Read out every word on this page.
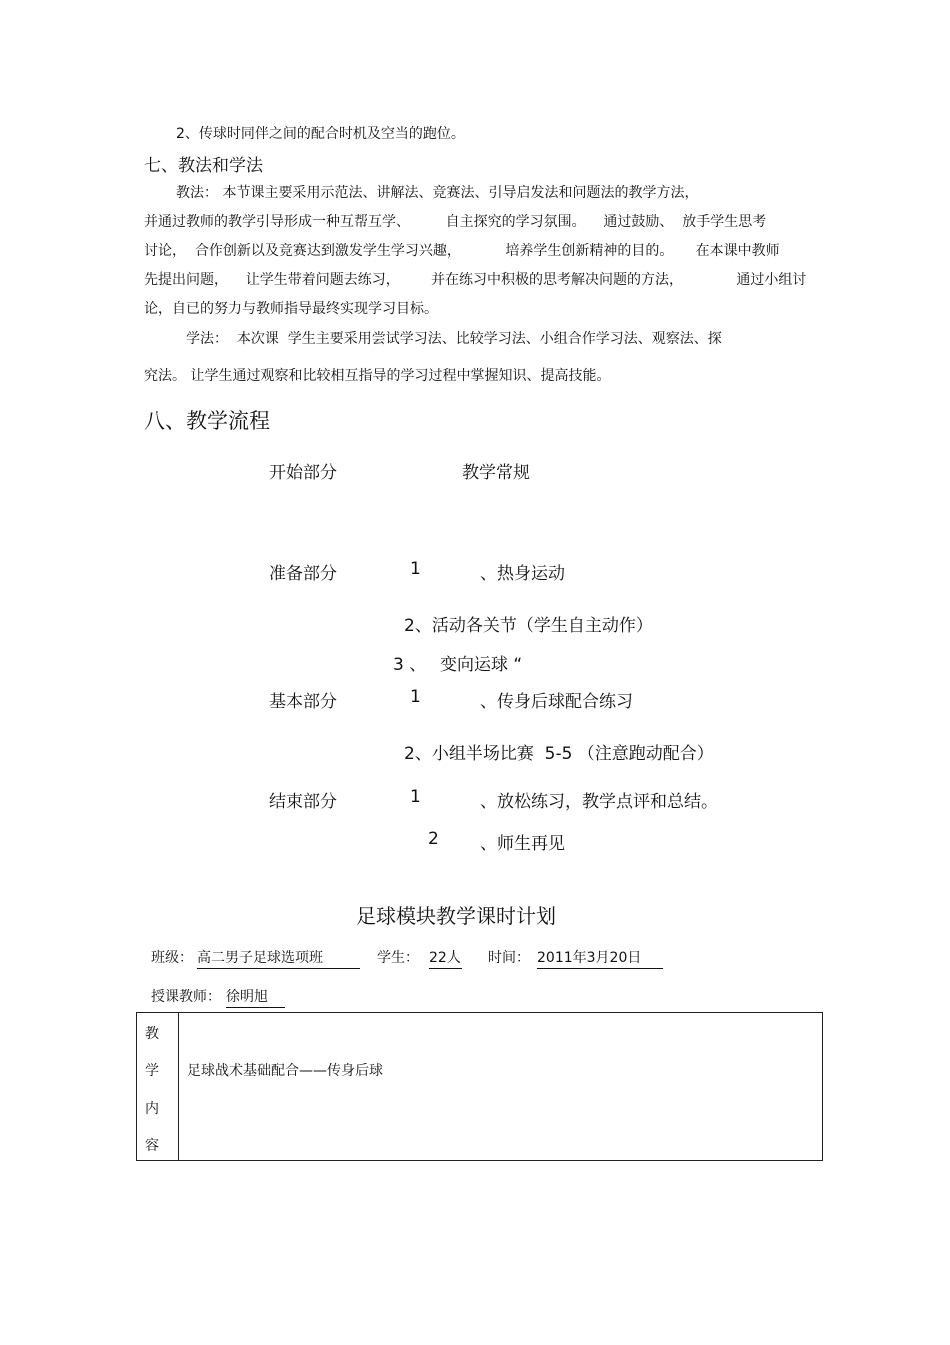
2、传球时同伴之间的配合时机及空当的跑位。
七、教法和学法
教法： 本节课主要采用示范法、讲解法、竞赛法、引导启发法和问题法的教学方法，
并通过教师的教学引导形成一种互帮互学、        自主探究的学习氛围。    通过鼓励、  放手学生思考
讨论，  合作创新以及竞赛达到激发学生学习兴趣，          培养学生创新精神的目的。     在本课中教师
先提出问题，    让学生带着问题去练习，       并在练习中积极的思考解决问题的方法，            通过小组讨
论，自已的努力与教师指导最终实现学习目标。
学法：  本次课  学生主要采用尝试学习法、比较学习法、小组合作学习法、观察法、探
究法。 让学生通过观察和比较相互指导的学习过程中掌握知识、提高技能。
八、教学流程
开始部分	教学常规
准备部分	1	、热身运动
2、活动各关节（学生自主动作）
3 、 变向运球 “
基本部分	1	、传身后球配合练习
2、小组半场比赛  5-5 （注意跑动配合）
结束部分	1	、放松练习，教学点评和总结。
2 、师生再见
足球模块教学课时计划
班级： 高二男子足球选项班	学生： 22人 时间： 2011年3月20日
授课教师： 徐明旭
教
学
内
容
足球战术基础配合——传身后球
